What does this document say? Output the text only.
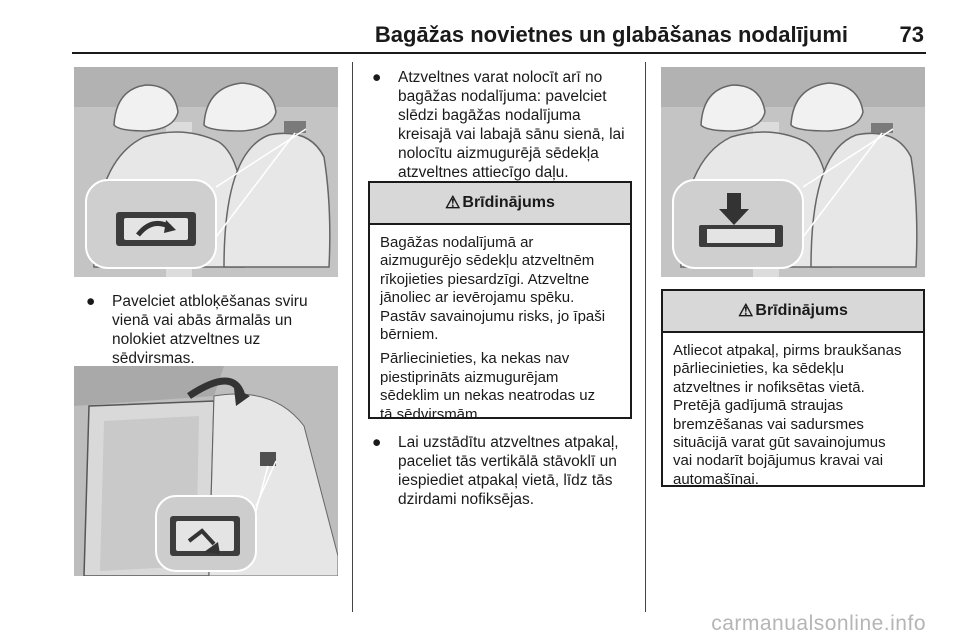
Bagāžas novietnes un glabāšanas nodalījumi 73
● Pavelciet atbloķēšanas sviru
vienā vai abās ārmalās un
nolokiet atzveltnes uz
sēdvirsmas.
● Atzveltnes varat nolocīt arī no
bagāžas nodalījuma: pavelciet
slēdzi bagāžas nodalījuma
kreisajā vai labajā sānu sienā, lai
nolocītu aizmugurējā sēdekļa
atzveltnes attiecīgo daļu.
⚠ Brīdinājums

Bagāžas nodalījumā ar
aizmugurējo sēdekļu atzveltnēm
rīkojieties piesardzīgi. Atzveltne
jānoliec ar ievērojamu spēku.
Pastāv savainojumu risks, jo īpaši
bērniem.

Pārliecinieties, ka nekas nav
piestiprināts aizmugurējam
sēdeklim un nekas neatrodas uz
tā sēdvirsmām.

● Lai uzstādītu atzveltnes atpakaļ,
paceliet tās vertikālā stāvoklī un
iespiediet atpakaļ vietā, līdz tās
dzirdami nofiksējas.
⚠ Brīdinājums

Atliecot atpakaļ, pirms braukšanas
pārliecinieties, ka sēdekļu
atzveltnes ir nofiksētas vietā.
Pretējā gadījumā straujas
bremzēšanas vai sadursmes
situācijā varat gūt savainojumus
vai nodarīt bojājumus kravai vai
automašīnai.

carmanualsonline.info
